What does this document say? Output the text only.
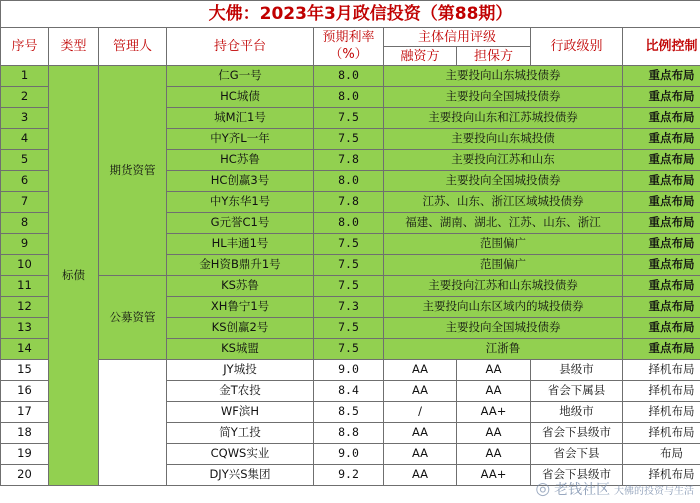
大佛：2023年3月政信投资（第88期）								
序号	类型	管理人	持仓平台	预期利率（%）	主体信用评级		行政级别	比例控制
					融资方	担保方		
1	标债	期货资管	仁G一号	8.0	主要投向山东城投债券			重点布局
2			HC城债	8.0	主要投向全国城投债券			重点布局
3			城M汇1号	7.5	主要投向山东和江苏城投债券			重点布局
4			中Y齐L一年	7.5	主要投向山东城投债			重点布局
5			HC苏鲁	7.8	主要投向江苏和山东			重点布局
6			HC创赢3号	8.0	主要投向全国城投债券			重点布局
7			中Y东华1号	7.8	江苏、山东、浙江区域城投债券			重点布局
8			G元誉C1号	8.0	福建、湖南、湖北、江苏、山东、浙江			重点布局
9			HL丰通1号	7.5	范围偏广			重点布局
10			金H资B鼎升1号	7.5	范围偏广			重点布局
11		公募资管	KS苏鲁	7.5	主要投向江苏和山东城投债券			重点布局
12			XH鲁宁1号	7.3	主要投向山东区域内的城投债券			重点布局
13			KS创赢2号	7.5	主要投向全国城投债券			重点布局
14			KS城盟	7.5	江浙鲁			重点布局
15			JY城投	9.0	AA	AA	县级市	择机布局
16			金T农投	8.4	AA	AA	省会下属县	择机布局
17			WF滨H	8.5	/	AA+	地级市	择机布局
18			简Y工投	8.8	AA	AA	省会下县级市	择机布局
19			CQWS实业	9.0	AA	AA	省会下县	布局
20			DJY兴S集团	9.2	AA	AA+	省会下县级市	择机布局
◎ 老钱社区 大佛的投资与生活
